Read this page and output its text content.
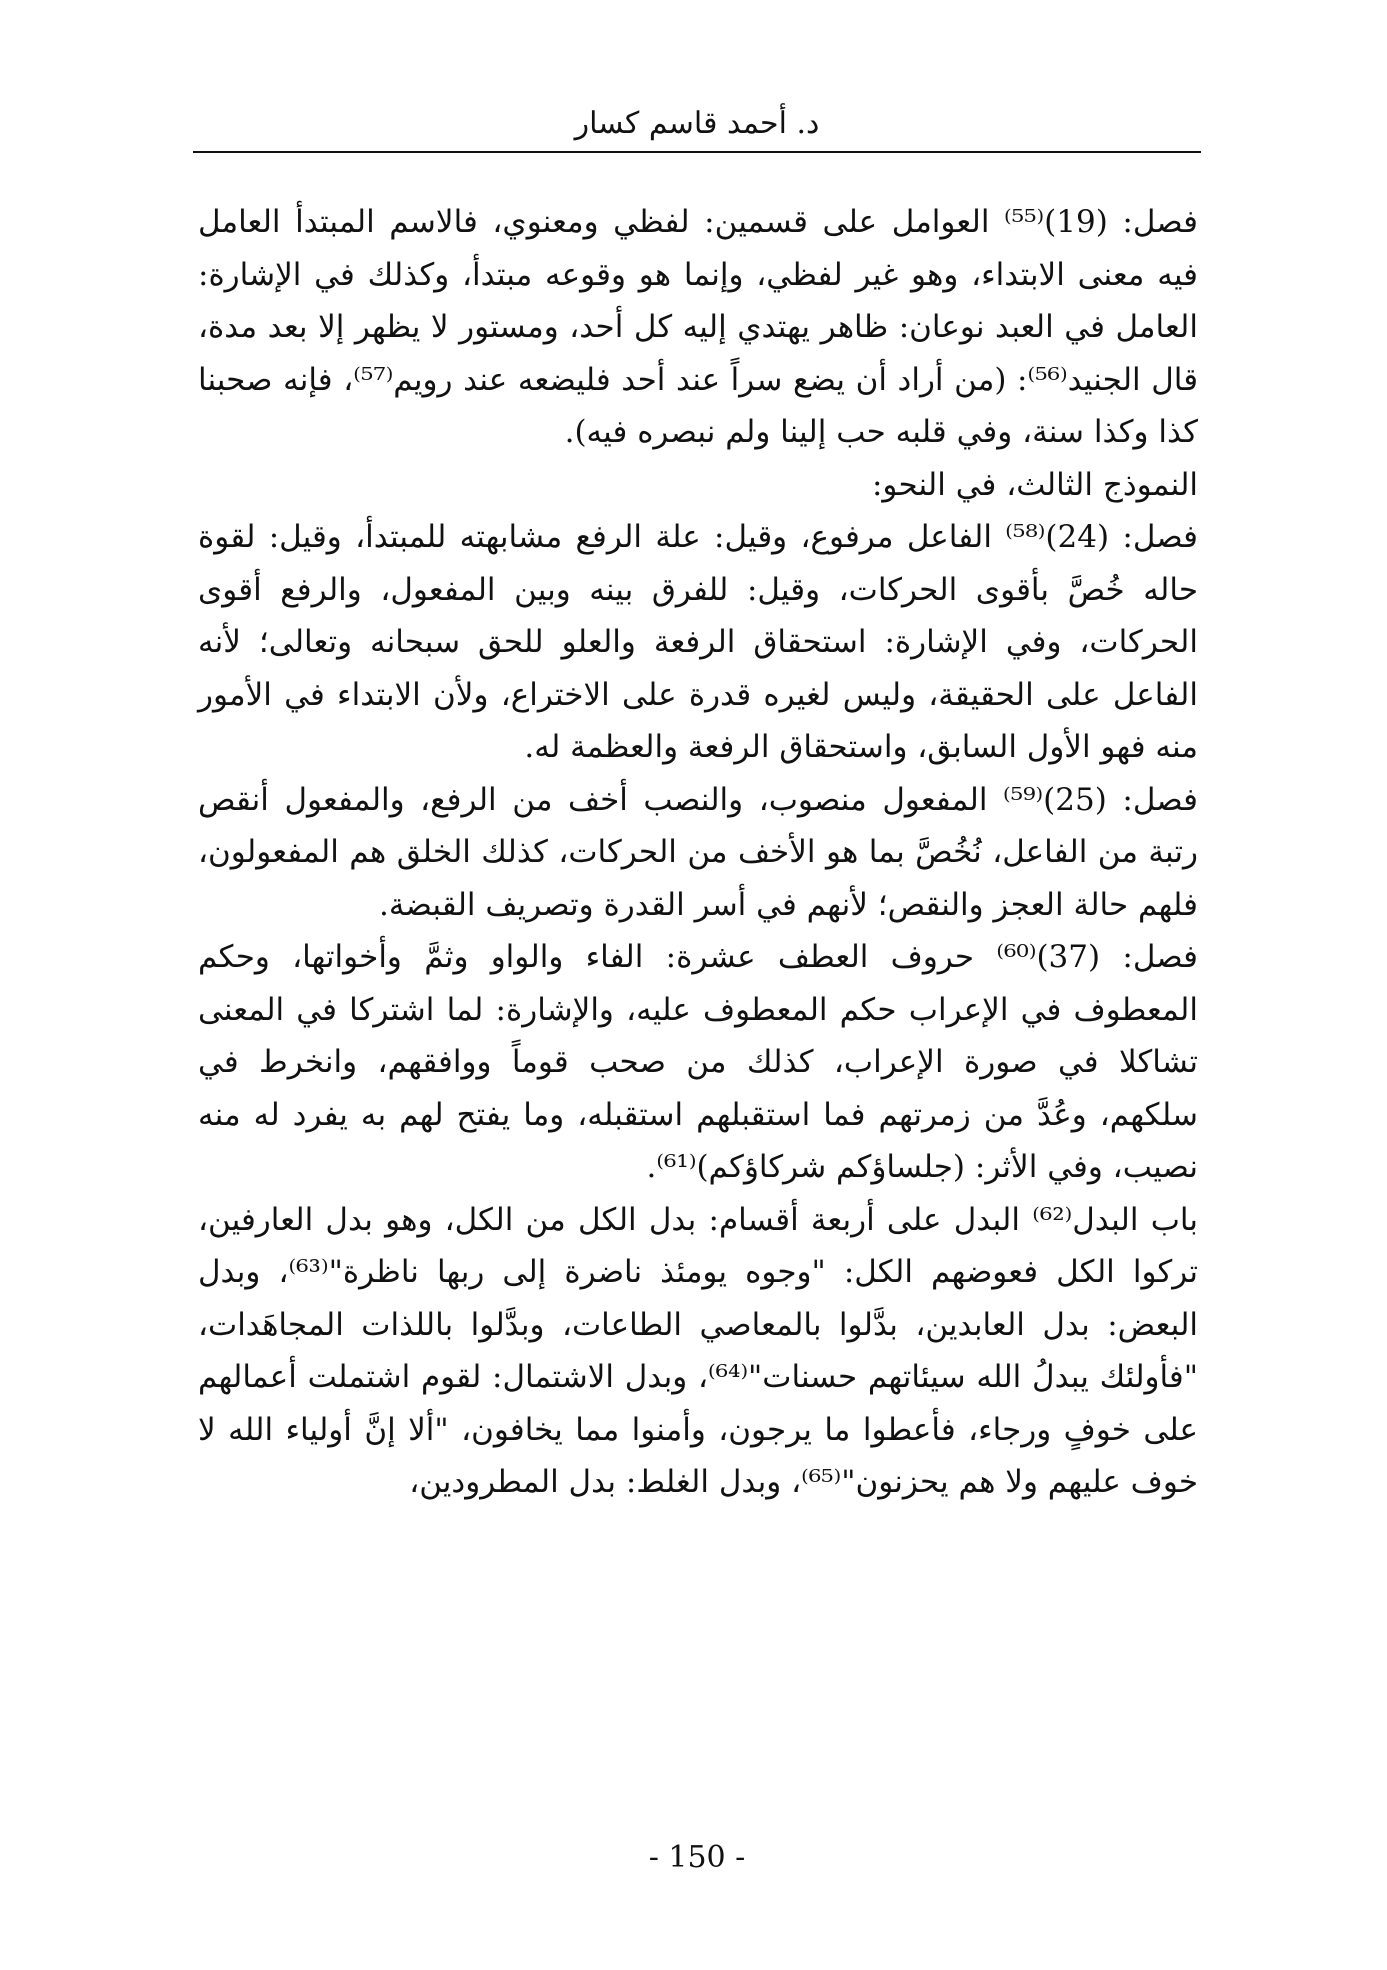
د. أحمد قاسم كسار

فصل: (19)⁽⁵⁵⁾ العوامل على قسمين: لفظي ومعنوي، فالاسم المبتدأ العامل فيه معنى الابتداء، وهو غير لفظي، وإنما هو وقوعه مبتدأ، وكذلك في الإشارة: العامل في العبد نوعان: ظاهر يهتدي إليه كل أحد، ومستور لا يظهر إلا بعد مدة، قال الجنيد⁽⁵⁶⁾: (من أراد أن يضع سراً عند أحد فليضعه عند رويم⁽⁵⁷⁾، فإنه صحبنا كذا وكذا سنة، وفي قلبه حب إلينا ولم نبصره فيه).

النموذج الثالث، في النحو:

فصل: (24)⁽⁵⁸⁾ الفاعل مرفوع، وقيل: علة الرفع مشابهته للمبتدأ، وقيل: لقوة حاله خُصَّ بأقوى الحركات، وقيل: للفرق بينه وبين المفعول، والرفع أقوى الحركات، وفي الإشارة: استحقاق الرفعة والعلو للحق سبحانه وتعالى؛ لأنه الفاعل على الحقيقة، وليس لغيره قدرة على الاختراع، ولأن الابتداء في الأمور منه فهو الأول السابق، واستحقاق الرفعة والعظمة له.

فصل: (25)⁽⁵⁹⁾ المفعول منصوب، والنصب أخف من الرفع، والمفعول أنقص رتبة من الفاعل، نُخُصَّ بما هو الأخف من الحركات، كذلك الخلق هم المفعولون، فلهم حالة العجز والنقص؛ لأنهم في أسر القدرة وتصريف القبضة.

فصل: (37)⁽⁶⁰⁾ حروف العطف عشرة: الفاء والواو وثمَّ وأخواتها، وحكم المعطوف في الإعراب حكم المعطوف عليه، والإشارة: لما اشتركا في المعنى تشاكلا في صورة الإعراب، كذلك من صحب قوماً ووافقهم، وانخرط في سلكهم، وعُدَّ من زمرتهم فما استقبلهم استقبله، وما يفتح لهم به يفرد له منه نصيب، وفي الأثر: (جلساؤكم شركاؤكم)⁽⁶¹⁾.

باب البدل⁽⁶²⁾ البدل على أربعة أقسام: بدل الكل من الكل، وهو بدل العارفين، تركوا الكل فعوضهم الكل: "وجوه يومئذ ناضرة إلى ربها ناظرة"⁽⁶³⁾، وبدل البعض: بدل العابدين، بدَّلوا بالمعاصي الطاعات، وبدَّلوا باللذات المجاهَدات، "فأولئك يبدلُ الله سيئاتهم حسنات"⁽⁶⁴⁾، وبدل الاشتمال: لقوم اشتملت أعمالهم على خوفٍ ورجاء، فأعطوا ما يرجون، وأمنوا مما يخافون، "ألا إنَّ أولياء الله لا خوف عليهم ولا هم يحزنون"⁽⁶⁵⁾، وبدل الغلط: بدل المطرودين،

- 150 -
